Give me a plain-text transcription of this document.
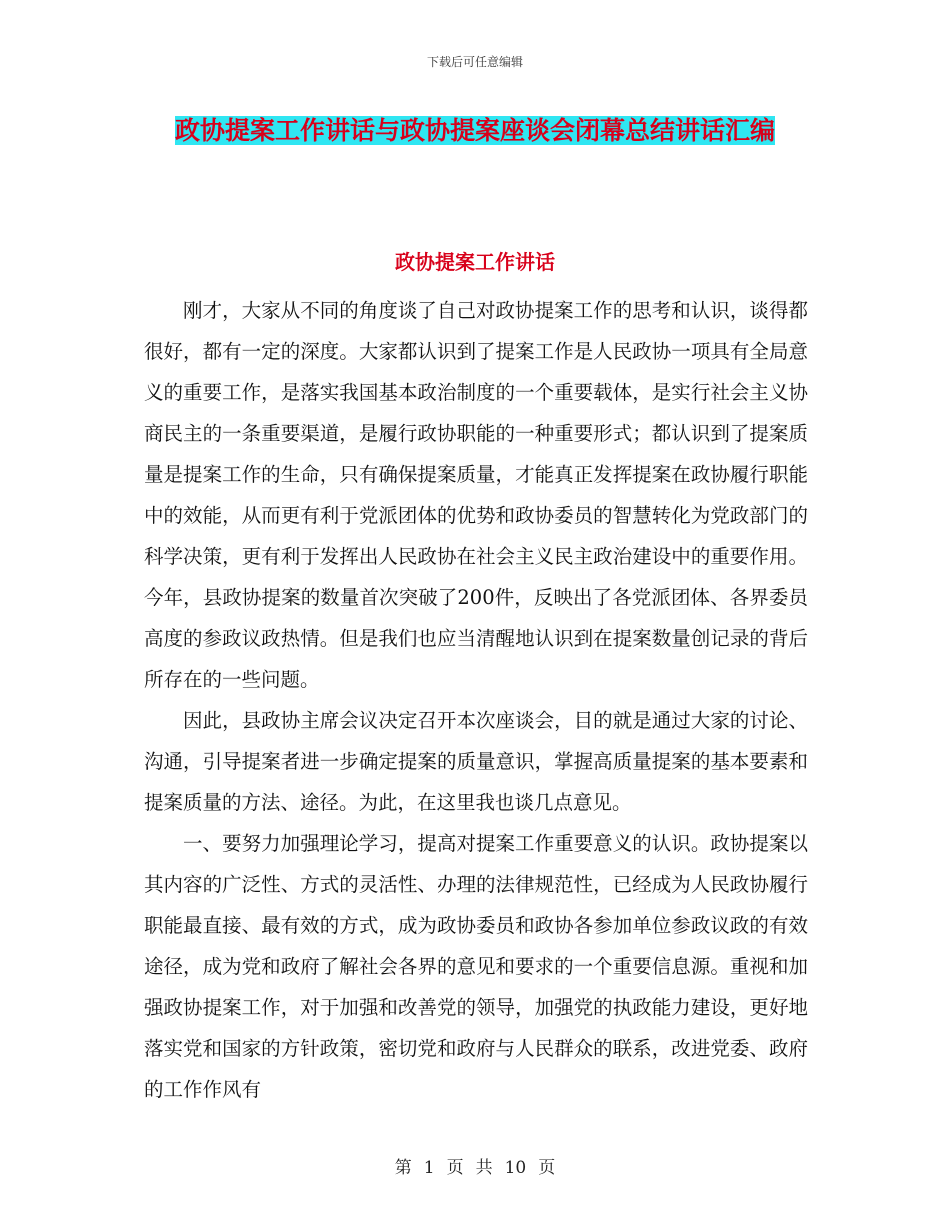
下载后可任意编辑
政协提案工作讲话与政协提案座谈会闭幕总结讲话汇编
政协提案工作讲话

刚才，大家从不同的角度谈了自己对政协提案工作的思考和认识，谈得都很好，都有一定的深度。大家都认识到了提案工作是人民政协一项具有全局意义的重要工作，是落实我国基本政治制度的一个重要载体，是实行社会主义协商民主的一条重要渠道，是履行政协职能的一种重要形式；都认识到了提案质量是提案工作的生命，只有确保提案质量，才能真正发挥提案在政协履行职能中的效能，从而更有利于党派团体的优势和政协委员的智慧转化为党政部门的科学决策，更有利于发挥出人民政协在社会主义民主政治建设中的重要作用。今年，县政协提案的数量首次突破了200件，反映出了各党派团体、各界委员高度的参政议政热情。但是我们也应当清醒地认识到在提案数量创记录的背后所存在的一些问题。

因此，县政协主席会议决定召开本次座谈会，目的就是通过大家的讨论、沟通，引导提案者进一步确定提案的质量意识，掌握高质量提案的基本要素和提案质量的方法、途径。为此，在这里我也谈几点意见。

一、要努力加强理论学习，提高对提案工作重要意义的认识。政协提案以其内容的广泛性、方式的灵活性、办理的法律规范性，已经成为人民政协履行职能最直接、最有效的方式，成为政协委员和政协各参加单位参政议政的有效途径，成为党和政府了解社会各界的意见和要求的一个重要信息源。重视和加强政协提案工作，对于加强和改善党的领导，加强党的执政能力建设，更好地落实党和国家的方针政策，密切党和政府与人民群众的联系，改进党委、政府的工作作风有

第 1 页 共 10 页
